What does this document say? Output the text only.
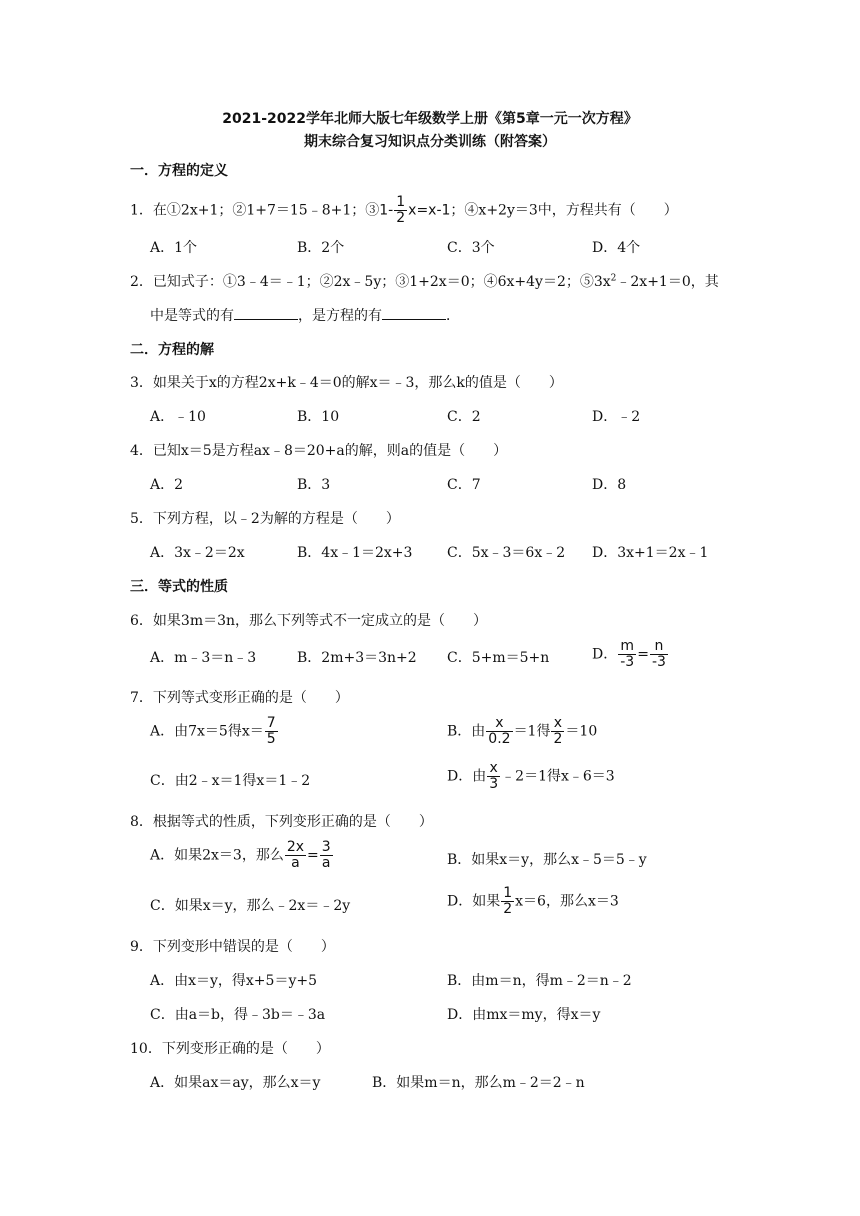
2021-2022学年北师大版七年级数学上册《第5章一元一次方程》
期末综合复习知识点分类训练（附答案）
一．方程的定义
1．在①2x+1；②1+7＝15﹣8+1；③1- $\frac{1}{2} x=x-1$；④x+2y＝3中，方程共有（　　）
A．1个	B．2个	C．3个	D．4个
2．已知式子：①3﹣4＝﹣1；②2x﹣5y；③1+2x＝0；④6x+4y＝2；$⑤3x^2﹣2x+1=0$，其
中是等式的有	，是方程的有	．
二．方程的解
3．如果关于x的方程2x+k﹣4＝0的解x＝﹣3，那么k的值是（　　）
A．﹣10	B．10	C．2	D．﹣2
4．已知x＝5是方程ax﹣8＝20+a的解，则a的值是（　　）
A．2	B．3	C．7	D．8
5．下列方程，以﹣2为解的方程是（　　）
A．3x﹣2＝2x	B．4x﹣1＝2x+3 C．5x﹣3＝6x﹣2 D．3x+1＝2x﹣1
三．等式的性质
6．如果3m＝3n，那么下列等式不一定成立的是（　　）
A．m﹣3＝n﹣3	B．2m+3＝3n+2 C．5+m＝5+n	D． $\frac{m}{-3} = \frac{n}{-3}$
7．下列等式变形正确的是（　　）
A．由7x＝5得$x= \frac{7}{5}$	B．由 $\frac{x}{0.2} =1$得 $\frac{x}{2} =10$
C．由2﹣x＝1得x＝1﹣2	D．由 $\frac{x}{3}$ ﹣2＝1得x﹣6＝3
8．根据等式的性质，下列变形正确的是（　　）
A．如果2x＝3，那么 $\frac{2x}{a} = \frac{3}{a}$	B．如果x＝y，那么x﹣5＝5﹣y
C．如果x＝y，那么﹣2x＝﹣2y	D．如果 $\frac{1}{2} x=6$，那么x＝3
9．下列变形中错误的是（　　）
A．由x＝y，得x+5＝y+5	B．由m＝n，得m﹣2＝n﹣2
C．由a＝b，得﹣3b＝﹣3a	D．由mx＝my，得x＝y
10．下列变形正确的是（　　）
A．如果ax＝ay，那么x＝y	B．如果m＝n，那么m﹣2＝2﹣n
